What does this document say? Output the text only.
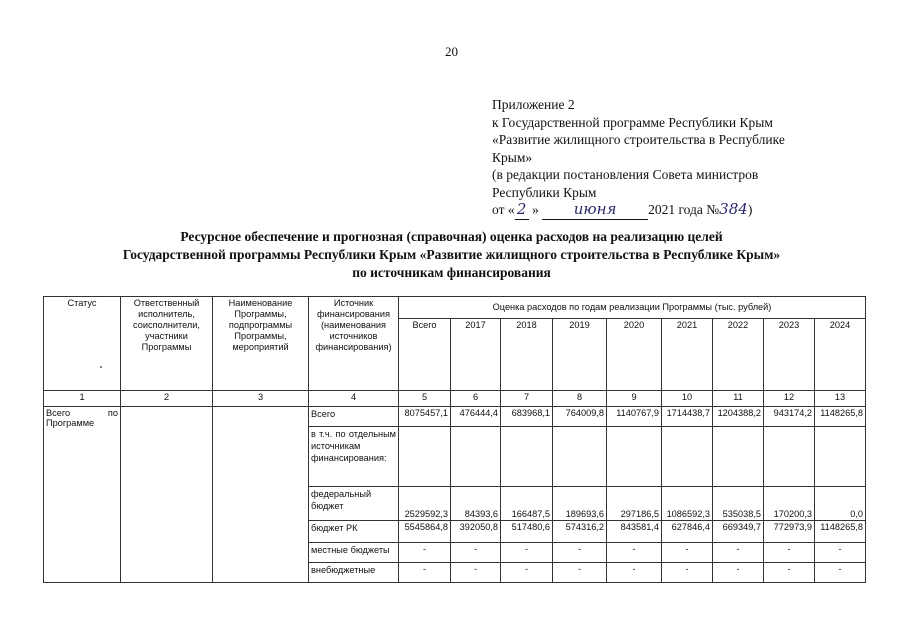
20
Приложение 2
к Государственной программе Республики Крым
«Развитие жилищного строительства в Республике
Крым»
(в редакции постановления Совета министров
Республики Крым
от « 2 » июня 2021 года №384)
Ресурсное обеспечение и прогнозная (справочная) оценка расходов на реализацию целей
Государственной программы Республики Крым «Развитие жилищного строительства в Республике Крым»
по источникам финансирования
Статус	Ответственный исполнитель, соисполнители, участники Программы	Наименование Программы, подпрограммы Программы, мероприятий	Источник финансирования (наименования источников финансирования)	Оценка расходов по годам реализации Программы (тыс. рублей)								
				Всего	2017	2018	2019	2020	2021	2022	2023	2024
1	2	3	4	5	6	7	8	9	10	11	12	13

Всего по
Программе			Всего	8075457,1	476444,4	683968,1	764009,8	1140767,9	1714438,7	1204388,2	943174,2	1148265,8
			в т.ч. по отдельным источникам финансирования:									
			федеральный бюджет	2529592,3	84393,6	166487,5	189693,6	297186,5	1086592,3	535038,5	170200,3	0,0
			бюджет РК	5545864,8	392050,8	517480,6	574316,2	843581,4	627846,4	669349,7	772973,9	1148265,8
			местные бюджеты	-	-	-	-	-	-	-	-	-
			внебюджетные	-	-	-	-	-	-	-	-	-
